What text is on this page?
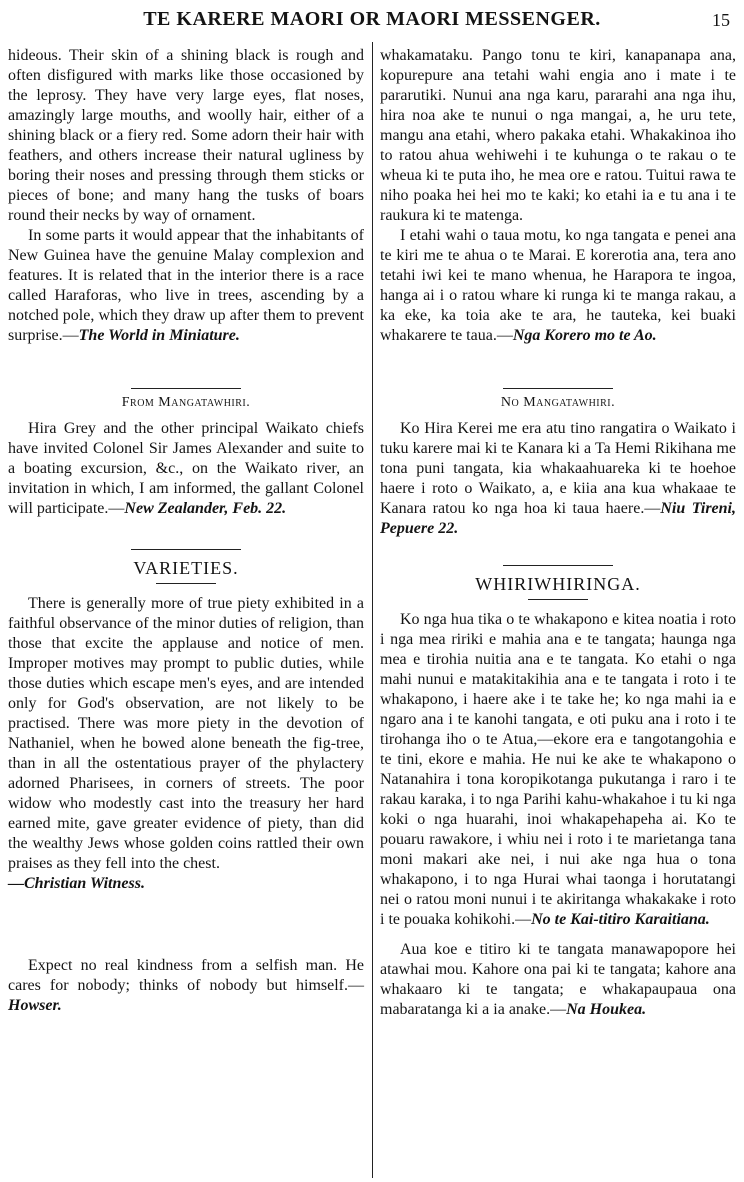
TE KARERE MAORI OR MAORI MESSENGER.	15

hideous. Their skin of a shining black is rough and often disfigured with marks like those occasioned by the leprosy. They have very large eyes, flat noses, amazingly large mouths, and woolly hair, either of a shining black or a fiery red. Some adorn their hair with feathers, and others increase their natural ugliness by boring their noses and pressing through them sticks or pieces of bone; and many hang the tusks of boars round their necks by way of ornament.

In some parts it would appear that the inhabitants of New Guinea have the genuine Malay complexion and features. It is related that in the interior there is a race called Haraforas, who live in trees, ascending by a notched pole, which they draw up after them to prevent surprise.—The World in Miniature.

From Mangatawhiri.

Hira Grey and the other principal Waikato chiefs have invited Colonel Sir James Alexander and suite to a boating excursion, &c., on the Waikato river, an invitation in which, I am informed, the gallant Colonel will participate.—New Zealander, Feb. 22.

VARIETIES.

There is generally more of true piety exhibited in a faithful observance of the minor duties of religion, than those that excite the applause and notice of men. Improper motives may prompt to public duties, while those duties which escape men's eyes, and are intended only for God's observation, are not likely to be practised. There was more piety in the devotion of Nathaniel, when he bowed alone beneath the fig-tree, than in all the ostentatious prayer of the phylactery adorned Pharisees, in corners of streets. The poor widow who modestly cast into the treasury her hard earned mite, gave greater evidence of piety, than did the wealthy Jews whose golden coins rattled their own praises as they fell into the chest.

—Christian Witness.

Expect no real kindness from a selfish man. He cares for nobody; thinks of nobody but himself.—Howser.

whakamataku. Pango tonu te kiri, kanapanapa ana, kopurepure ana tetahi wahi engia ano i mate i te pararutiki. Nunui ana nga karu, pararahi ana nga ihu, hira noa ake te nunui o nga mangai, a, he uru tete, mangu ana etahi, whero pakaka etahi. Whakakinoa iho to ratou ahua wehiwehi i te kuhunga o te rakau o te wheua ki te puta iho, he mea ore e ratou. Tuitui rawa te niho poaka hei hei mo te kaki; ko etahi ia e tu ana i te raukura ki te matenga.

I etahi wahi o taua motu, ko nga tangata e penei ana te kiri me te ahua o te Marai. E korerotia ana, tera ano tetahi iwi kei te mano whenua, he Harapora te ingoa, hanga ai i o ratou whare ki runga ki te manga rakau, a ka eke, ka toia ake te ara, he tauteka, kei buaki whakarere te taua.—Nga Korero mo te Ao.

No Mangatawhiri.

Ko Hira Kerei me era atu tino rangatira o Waikato i tuku karere mai ki te Kanara ki a Ta Hemi Rikihana me tona puni tangata, kia whakaahuareka ki te hoehoe haere i roto o Waikato, a, e kiia ana kua whakaae te Kanara ratou ko nga hoa ki taua haere.—Niu Tireni, Pepuere 22.

WHIRIWHIRINGA.

Ko nga hua tika o te whakapono e kitea noatia i roto i nga mea ririki e mahia ana e te tangata; haunga nga mea e tirohia nuitia ana e te tangata. Ko etahi o nga mahi nunui e matakitakihia ana e te tangata i roto i te whakapono, i haere ake i te take he; ko nga mahi ia e ngaro ana i te kanohi tangata, e oti puku ana i roto i te tirohanga iho o te Atua,—ekore era e tangotangohia e te tini, ekore e mahia. He nui ke ake te whakapono o Natanahira i tona koropikotanga pukutanga i raro i te rakau karaka, i to nga Parihi kahu-whakahoe i tu ki nga koki o nga huarahi, inoi whakapehapeha ai. Ko te pouaru rawakore, i whiu nei i roto i te marietanga tana moni makari ake nei, i nui ake nga hua o tona whakapono, i to nga Hurai whai taonga i horutatangi nei o ratou moni nunui i te akiritanga whakakake i roto i te pouaka kohikohi.—No te Kai-titiro Karaitiana.

Aua koe e titiro ki te tangata manawapopore hei atawhai mou. Kahore ona pai ki te tangata; kahore ana whakaaro ki te tangata; e whakapaupaua ona mabaratanga ki a ia anake.—Na Houkea.
